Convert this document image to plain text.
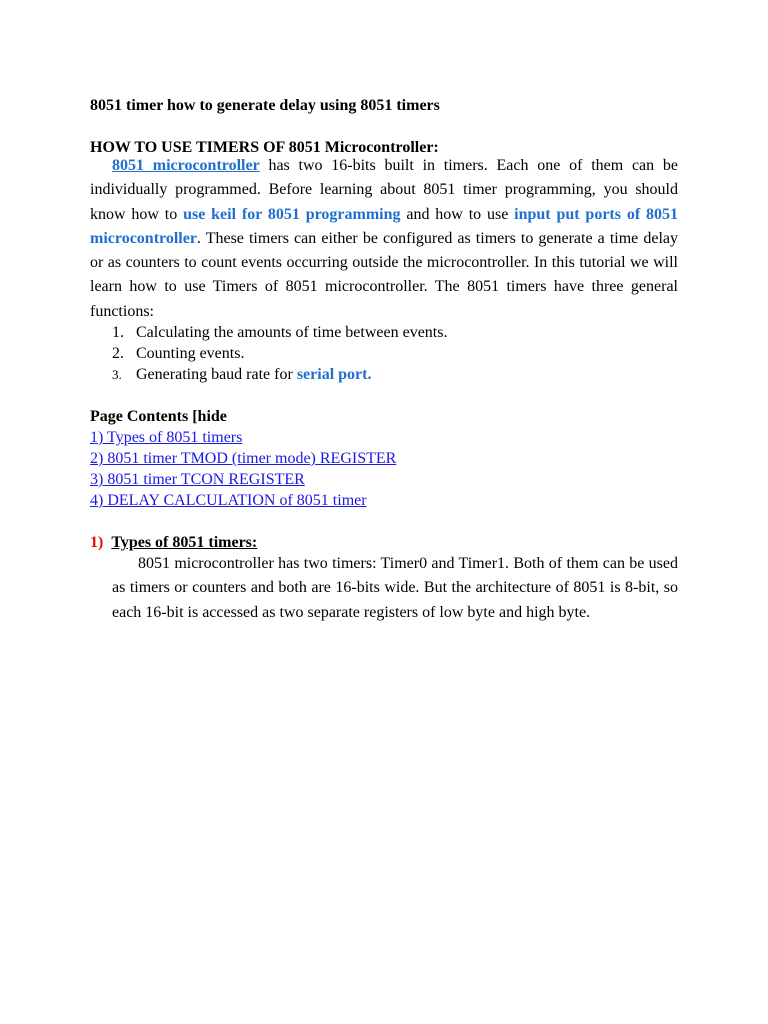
8051 timer how to generate delay using 8051 timers
HOW TO USE TIMERS OF 8051 Microcontroller:

8051 microcontroller has two 16-bits built in timers. Each one of them can be individually programmed. Before learning about 8051 timer programming, you should know how to use keil for 8051 programming and how to use input put ports of 8051 microcontroller. These timers can either be configured as timers to generate a time delay or as counters to count events occurring outside the microcontroller. In this tutorial we will learn how to use Timers of 8051 microcontroller. The 8051 timers have three general functions:

1. Calculating the amounts of time between events.
2. Counting events.
3. Generating baud rate for serial port.
Page Contents [hide
1) Types of 8051 timers
2) 8051 timer TMOD (timer mode) REGISTER
3) 8051 timer TCON REGISTER
4) DELAY CALCULATION of 8051 timer
1) Types of 8051 timers:

8051 microcontroller has two timers: Timer0 and Timer1. Both of them can be used as timers or counters and both are 16-bits wide. But the architecture of 8051 is 8-bit, so each 16-bit is accessed as two separate registers of low byte and high byte.
